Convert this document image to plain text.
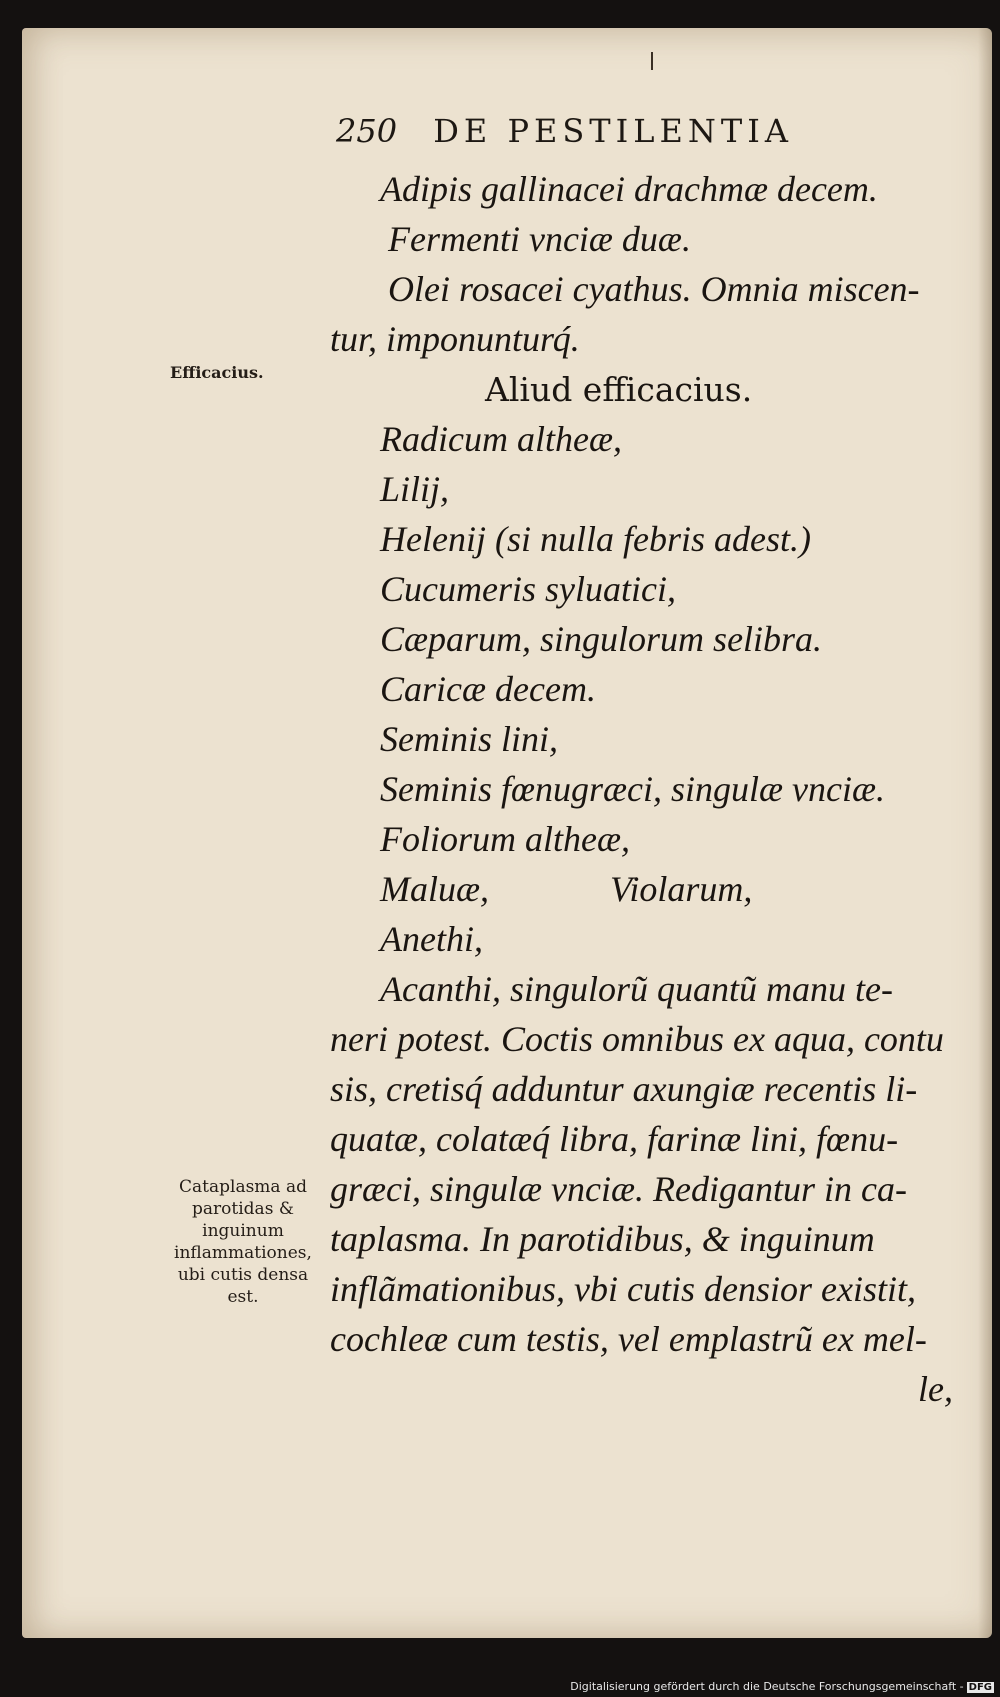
250 DE PESTILENTIA
Efficacius.
Cataplasma ad parotidas & inguinum inflammationes, ubi cutis densa est.
Aliud efficacius.
Adipis gallinacei drachmæ decem.
Fermenti vnciæ duæ.
Olei rosacei cyathus. Omnia miscen-
tur, imponunturq́.
Radicum altheæ,
Lilij,
Helenij (si nulla febris adest.)
Cucumeris syluatici,
Cæparum, singulorum selibra.
Caricæ decem.
Seminis lini,
Seminis fœnugræci, singulæ vnciæ.
Foliorum altheæ,
Maluæ,	Violarum,
Anethi,
Acanthi, singulorũ quantũ manu te-
neri potest. Coctis omnibus ex aqua, contu
sis, cretisq́ adduntur axungiæ recentis li-
quatæ, colatæq́ libra, farinæ lini, fœnu-
græci, singulæ vnciæ. Redigantur in ca-
taplasma. In parotidibus, & inguinum
inflãmationibus, vbi cutis densior existit,
cochleæ cum testis, vel emplastrũ ex mel-
le,
Digitalisierung gefördert durch die Deutsche Forschungsgemeinschaft - DFG
